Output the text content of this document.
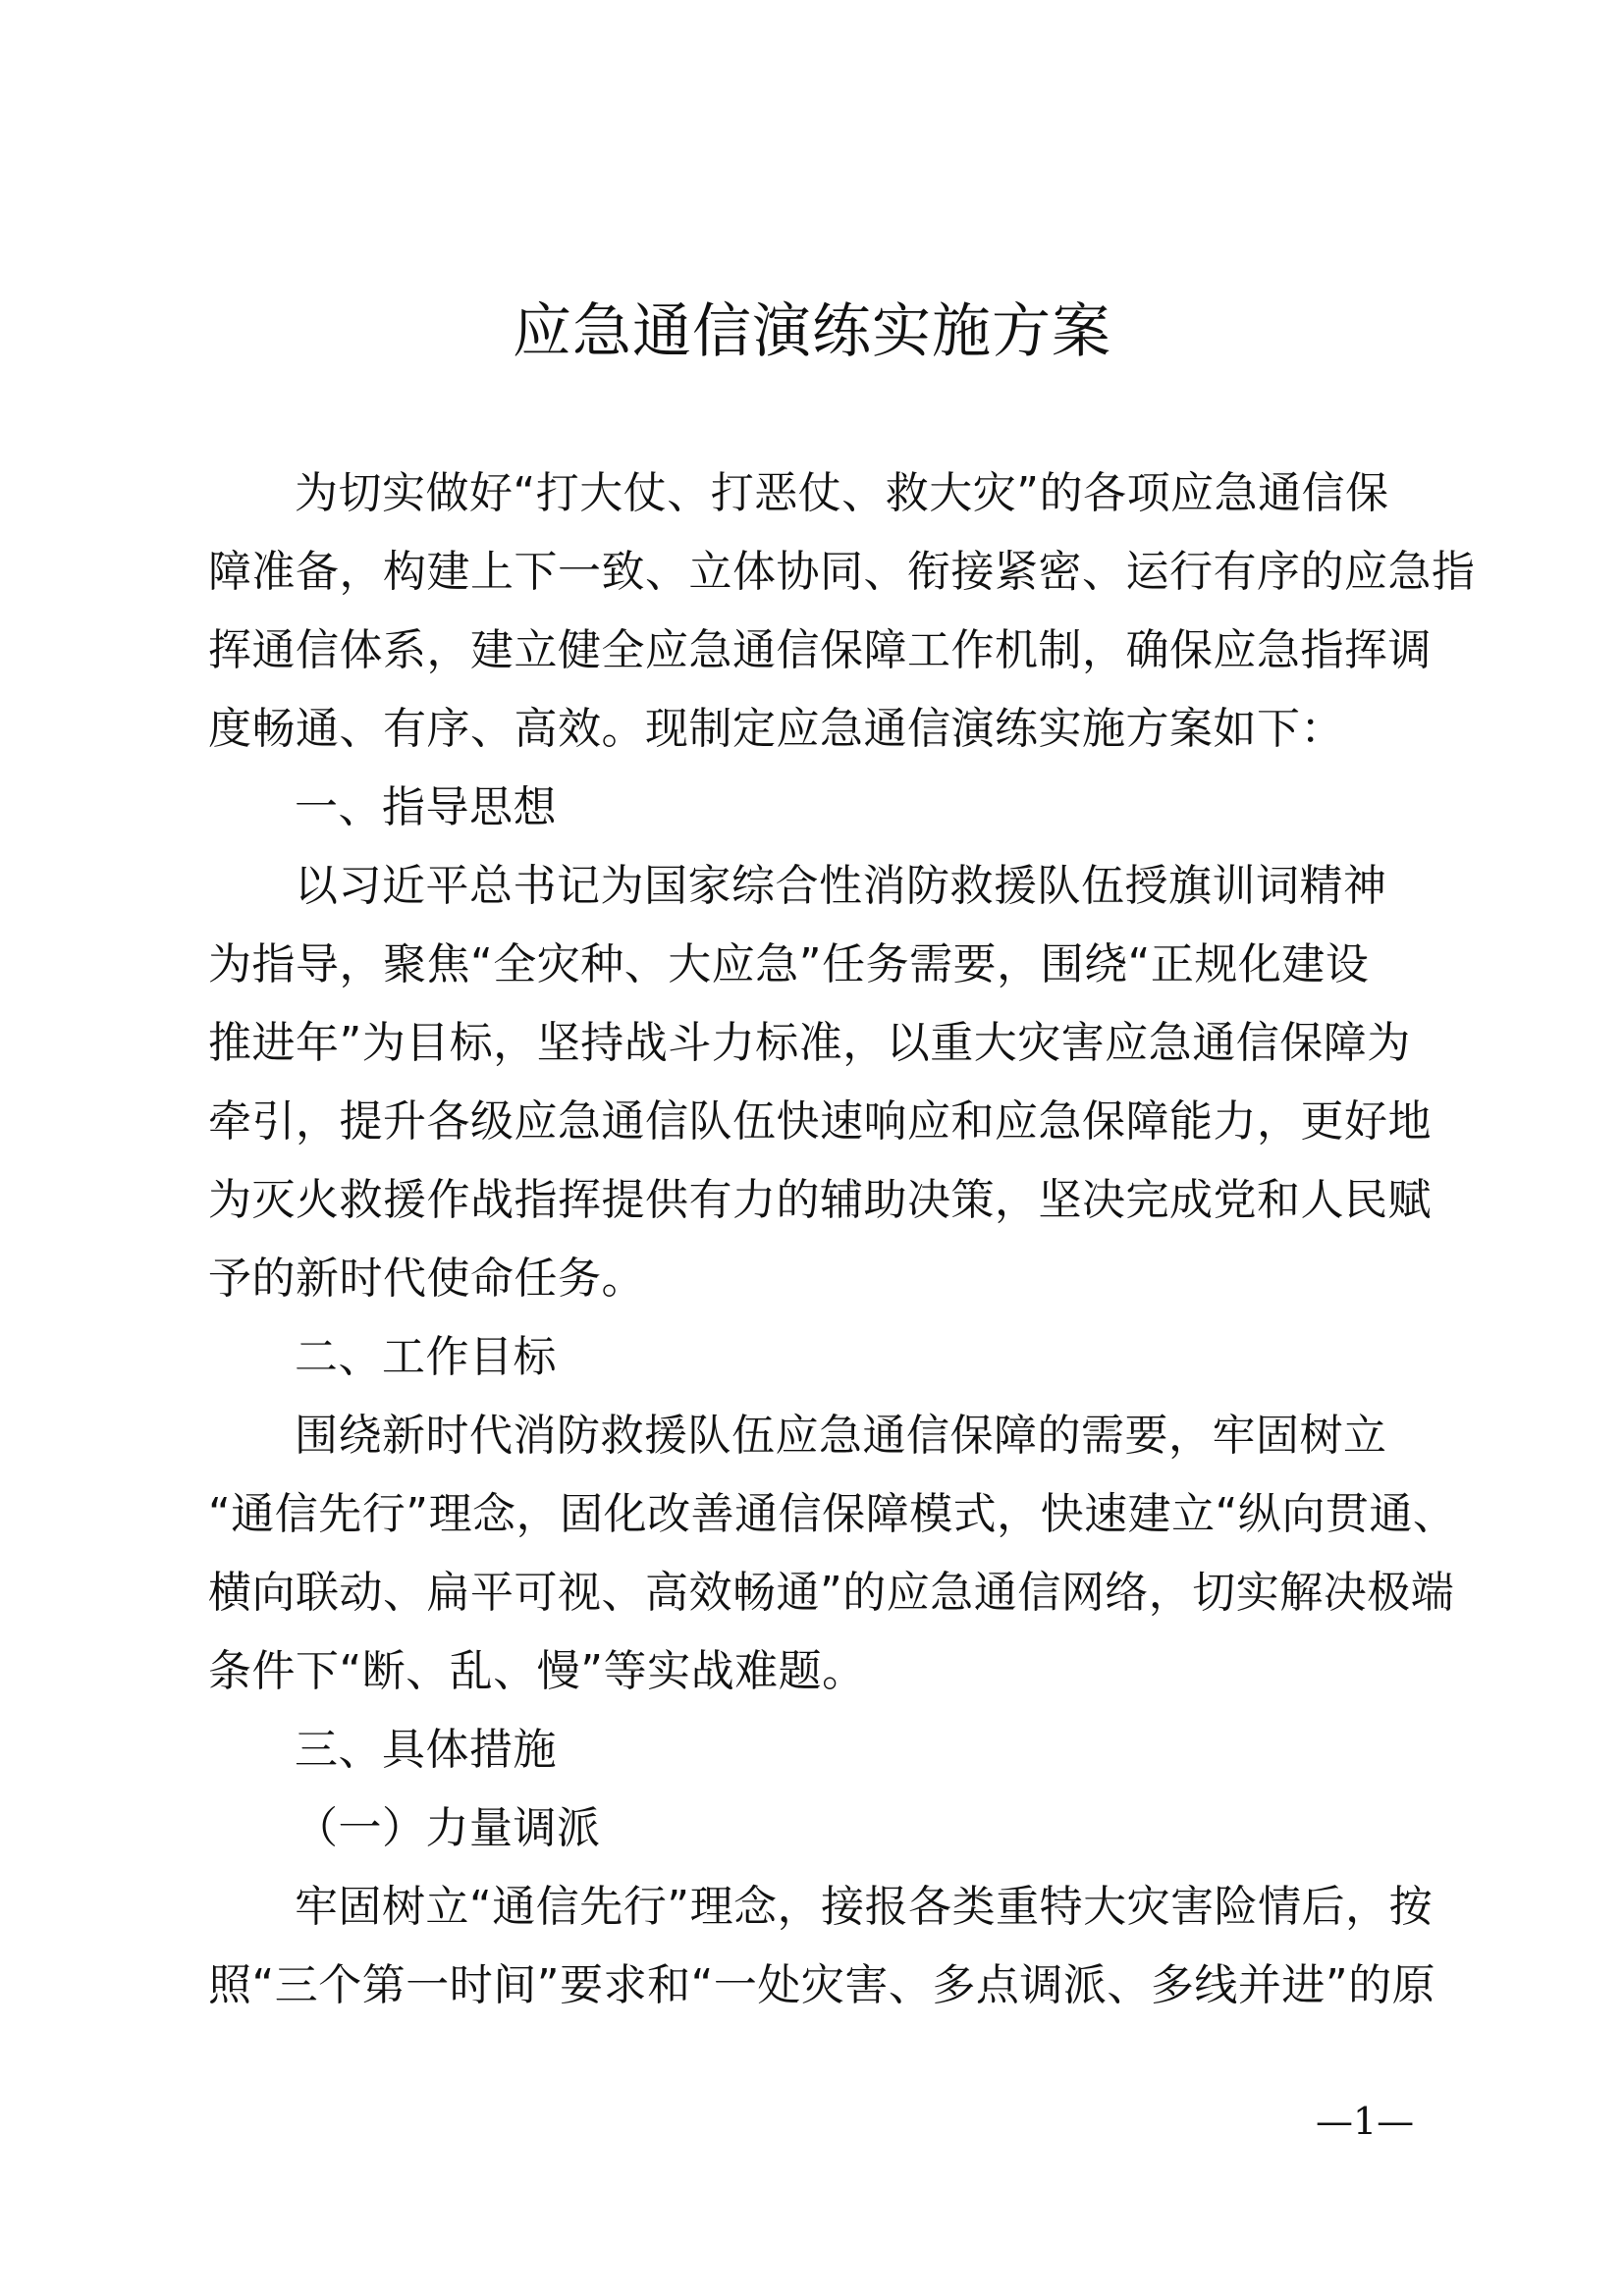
应急通信演练实施方案
为切实做好“打大仗、打恶仗、救大灾”的各项应急通信保
障准备，构建上下一致、立体协同、衔接紧密、运行有序的应急指
挥通信体系，建立健全应急通信保障工作机制，确保应急指挥调
度畅通、有序、高效。现制定应急通信演练实施方案如下：
一、指导思想
以习近平总书记为国家综合性消防救援队伍授旗训词精神
为指导，聚焦“全灾种、大应急”任务需要，围绕“正规化建设
推进年”为目标，坚持战斗力标准，以重大灾害应急通信保障为
牵引，提升各级应急通信队伍快速响应和应急保障能力，更好地
为灭火救援作战指挥提供有力的辅助决策，坚决完成党和人民赋
予的新时代使命任务。
二、工作目标
围绕新时代消防救援队伍应急通信保障的需要，牢固树立
“通信先行”理念，固化改善通信保障模式，快速建立“纵向贯通、
横向联动、扁平可视、高效畅通”的应急通信网络，切实解决极端
条件下“断、乱、慢”等实战难题。
三、具体措施
（一）力量调派
牢固树立“通信先行”理念，接报各类重特大灾害险情后，按
照“三个第一时间”要求和“一处灾害、多点调派、多线并进”的原
—1—
